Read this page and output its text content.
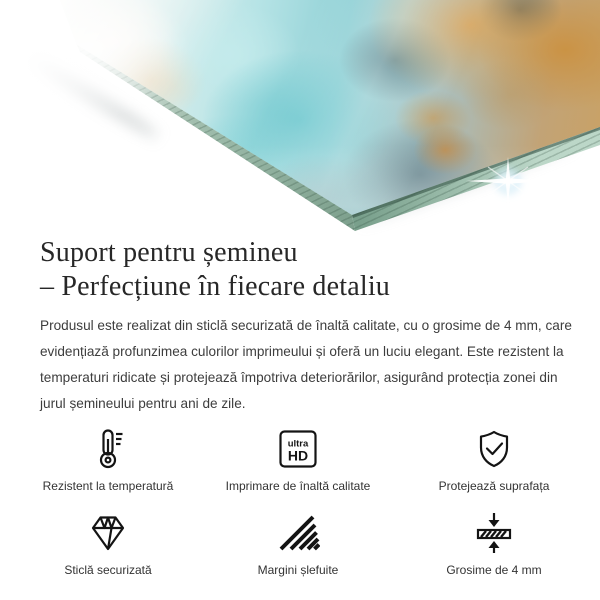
Suport pentru șemineu
– Perfecțiune în fiecare detaliu

Produsul este realizat din sticlă securizată de înaltă calitate, cu o grosime de 4 mm, care evidențiază profunzimea culorilor imprimeului și oferă un luciu elegant. Este rezistent la temperaturi ridicate și protejează împotriva deteriorărilor, asigurând protecția zonei din jurul șemineului pentru ani de zile.

Rezistent la temperatură
ultra
HD
Imprimare de înaltă calitate	Protejează suprafața
Sticlă securizată	Margini șlefuite	Grosime de 4 mm
